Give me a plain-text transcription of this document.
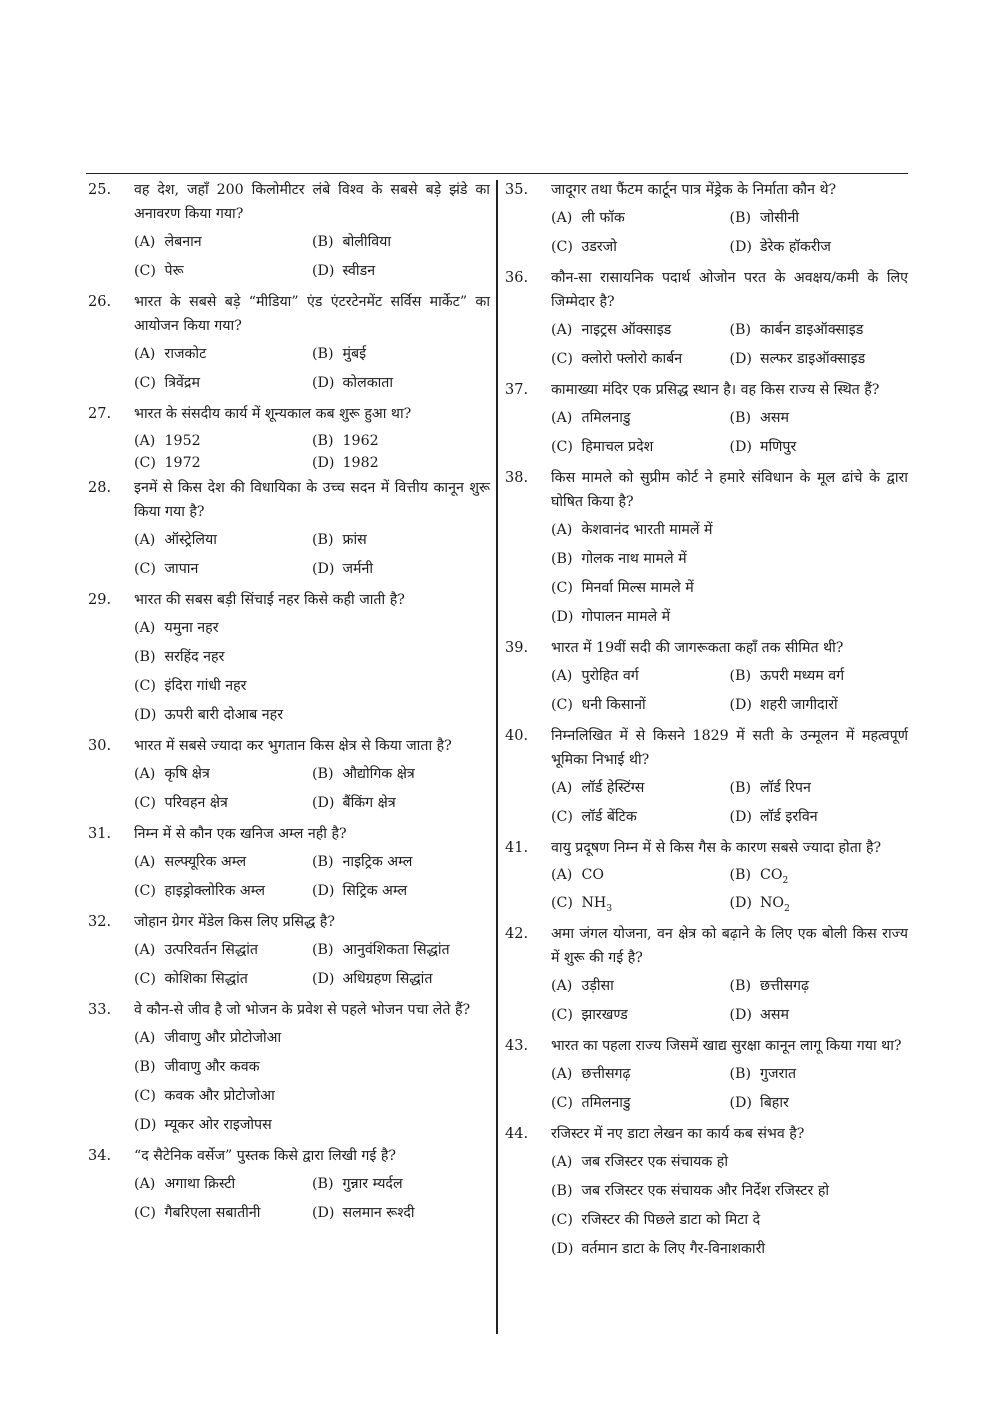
25. वह देश, जहाँ 200 किलोमीटर लंबे विश्व के सबसे बड़े झंडे का अनावरण किया गया?
(A) लेबनान	(B) बोलीविया
(C) पेरू	(D) स्वीडन
26. भारत के सबसे बड़े “मीडिया” एंड एंटरटेनमेंट सर्विस मार्केट” का आयोजन किया गया?
(A) राजकोट	(B) मुंबई
(C) त्रिवेंद्रम	(D) कोलकाता
27. भारत के संसदीय कार्य में शून्यकाल कब शुरू हुआ था?
(A) 1952	(B) 1962
(C) 1972	(D) 1982
28. इनमें से किस देश की विधायिका के उच्च सदन में वित्तीय कानून शुरू किया गया है?
(A) ऑस्ट्रेलिया	(B) फ्रांस
(C) जापान	(D) जर्मनी
29. भारत की सबस बड़ी सिंचाई नहर किसे कही जाती है?
(A) यमुना नहर
(B) सरहिंद नहर
(C) इंदिरा गांधी नहर
(D) ऊपरी बारी दोआब नहर
30. भारत में सबसे ज्यादा कर भुगतान किस क्षेत्र से किया जाता है?
(A) कृषि क्षेत्र	(B) औद्योगिक क्षेत्र
(C) परिवहन क्षेत्र	(D) बैंकिंग क्षेत्र
31. निम्न में से कौन एक खनिज अम्ल नही है?
(A) सल्फ्यूरिक अम्ल	(B) नाइट्रिक अम्ल
(C) हाइड्रोक्लोरिक अम्ल	(D) सिट्रिक अम्ल
32. जोहान ग्रेगर मेंडेल किस लिए प्रसिद्ध है?
(A) उत्परिवर्तन सिद्धांत	(B) आनुवंशिकता सिद्धांत
(C) कोशिका सिद्धांत	(D) अधिग्रहण सिद्धांत
33. वे कौन-से जीव है जो भोजन के प्रवेश से पहले भोजन पचा लेते हैं?
(A) जीवाणु और प्रोटोजोआ
(B) जीवाणु और कवक
(C) कवक और प्रोटोजोआ
(D) म्यूकर ओर राइजोपस
34. “द सैटेनिक वर्सेज” पुस्तक किसे द्वारा लिखी गई है?
(A) अगाथा क्रिस्टी	(B) गुन्नार म्यर्दल
(C) गैबरिएला सबातीनी	(D) सलमान रूश्दी
35. जादूगर तथा फैंटम कार्टून पात्र मेंड्रेक के निर्माता कौन थे?
(A) ली फॉक	(B) जोसीनी
(C) उडरजो	(D) डेरेक हॉकरीज
36. कौन-सा रासायनिक पदार्थ ओजोन परत के अवक्षय/कमी के लिए जिम्मेदार है?
(A) नाइट्रस ऑक्साइड	(B) कार्बन डाइऑक्साइड
(C) क्लोरो फ्लोरो कार्बन	(D) सल्फर डाइऑक्साइड
37. कामाख्या मंदिर एक प्रसिद्ध स्थान है। वह किस राज्य से स्थित हैं?
(A) तमिलनाडु	(B) असम
(C) हिमाचल प्रदेश	(D) मणिपुर
38. किस मामले को सुप्रीम कोर्ट ने हमारे संविधान के मूल ढांचे के द्वारा घोषित किया है?
(A) केशवानंद भारती मामलें में
(B) गोलक नाथ मामले में
(C) मिनर्वा मिल्स मामले में
(D) गोपालन मामले में
39. भारत में 19वीं सदी की जागरूकता कहाँ तक सीमित थी?
(A) पुरोहित वर्ग	(B) ऊपरी मध्यम वर्ग
(C) धनी किसानों	(D) शहरी जागीदारों
40. निम्नलिखित में से किसने 1829 में सती के उन्मूलन में महत्वपूर्ण भूमिका निभाई थी?
(A) लॉर्ड हेस्टिंग्स	(B) लॉर्ड रिपन
(C) लॉर्ड बेंटिक	(D) लॉर्ड इरविन
41. वायु प्रदूषण निम्न में से किस गैस के कारण सबसे ज्यादा होता है?
(A) CO	(B) $CO_2$
(C) $NH_3$	(D) $NO_2$
42. अमा जंगल योजना, वन क्षेत्र को बढ़ाने के लिए एक बोली किस राज्य में शुरू की गई है?
(A) उड़ीसा	(B) छत्तीसगढ़
(C) झारखण्ड	(D) असम
43. भारत का पहला राज्य जिसमें खाद्य सुरक्षा कानून लागू किया गया था?
(A) छत्तीसगढ़	(B) गुजरात
(C) तमिलनाडु	(D) बिहार
44. रजिस्टर में नए डाटा लेखन का कार्य कब संभव है?
(A) जब रजिस्टर एक संचायक हो
(B) जब रजिस्टर एक संचायक और निर्देश रजिस्टर हो
(C) रजिस्टर की पिछले डाटा को मिटा दे
(D) वर्तमान डाटा के लिए गैर-विनाशकारी
